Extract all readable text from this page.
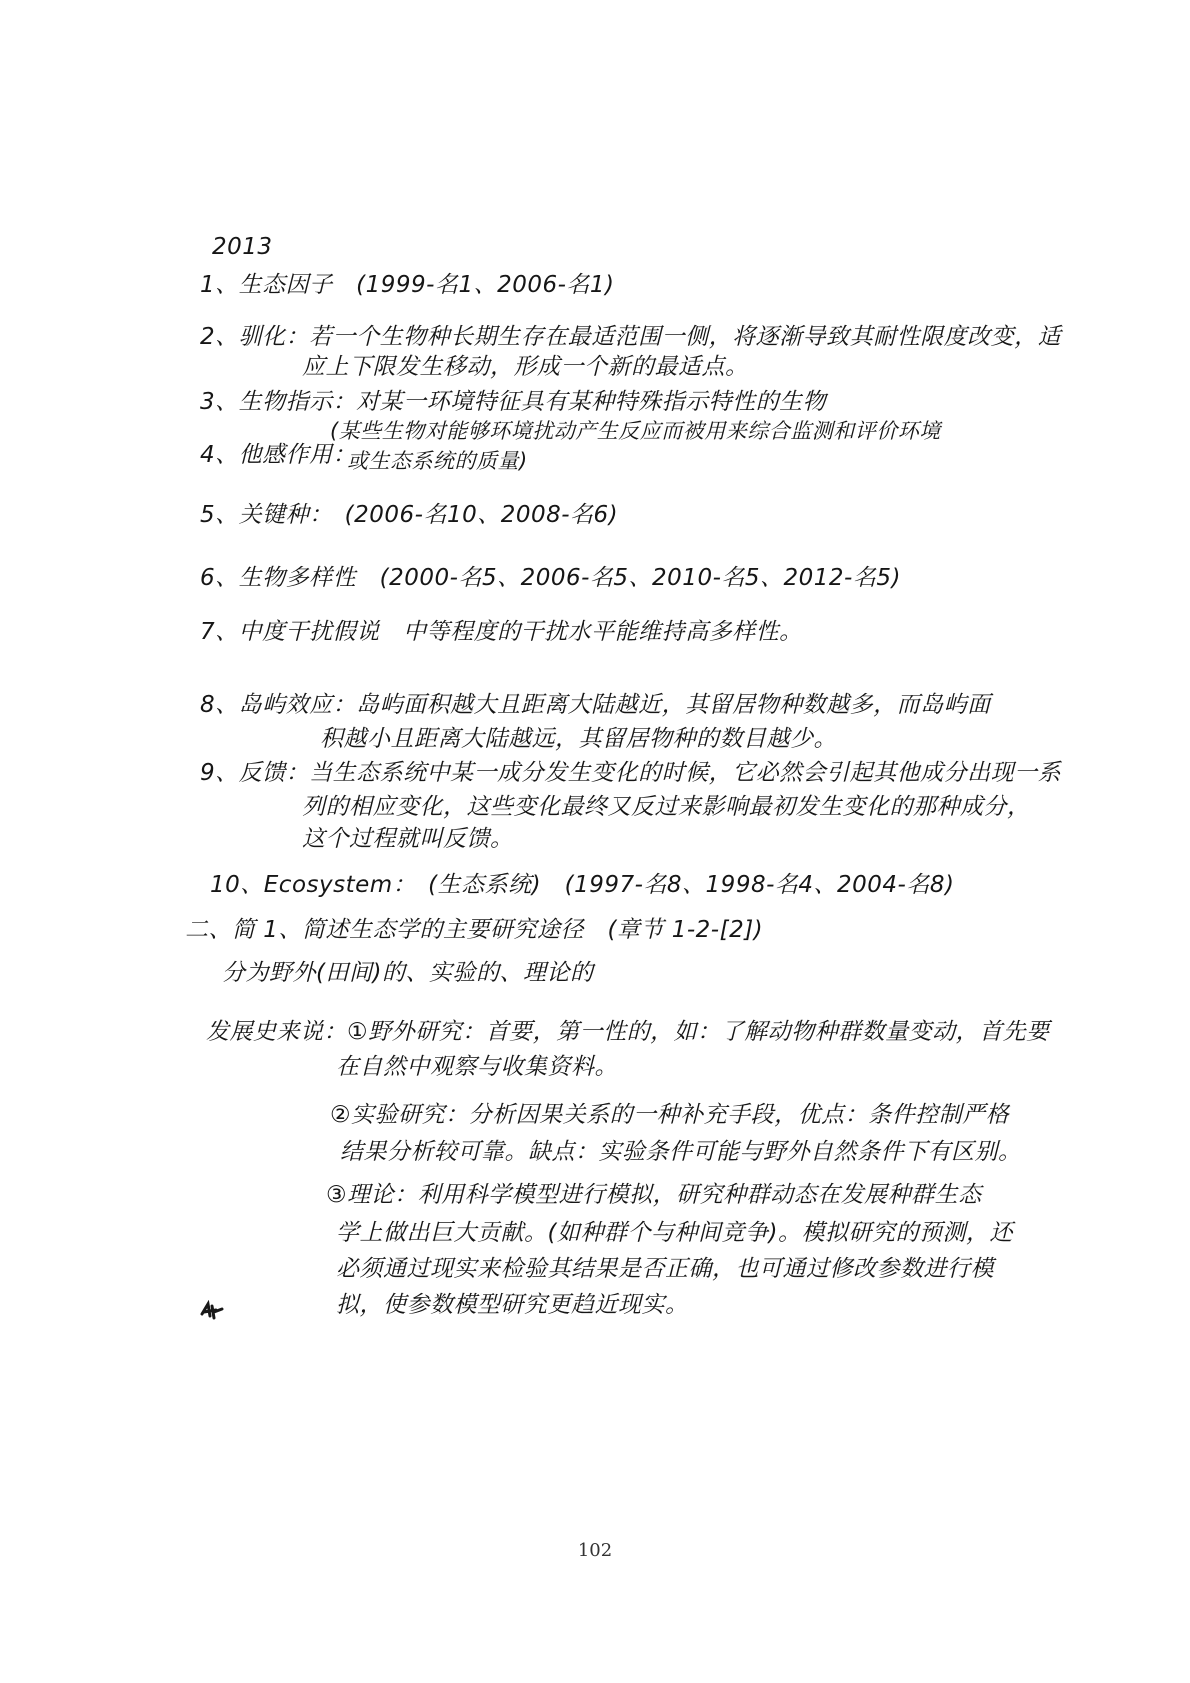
2013
1、生态因子　(1999-名1、2006-名1)
2、驯化：若一个生物种长期生存在最适范围一侧，将逐渐导致其耐性限度改变，适
应上下限发生移动，形成一个新的最适点。
3、生物指示：对某一环境特征具有某种特殊指示特性的生物
(某些生物对能够环境扰动产生反应而被用来综合监测和评价环境
4、他感作用：
或生态系统的质量)
5、关键种：　(2006-名10、2008-名6)
6、生物多样性　(2000-名5、2006-名5、2010-名5、2012-名5)
7、中度干扰假说　中等程度的干扰水平能维持高多样性。
8、岛屿效应：岛屿面积越大且距离大陆越近，其留居物种数越多，而岛屿面
积越小且距离大陆越远，其留居物种的数目越少。
9、反馈：当生态系统中某一成分发生变化的时候，它必然会引起其他成分出现一系
列的相应变化，这些变化最终又反过来影响最初发生变化的那种成分，
这个过程就叫反馈。
10、Ecosystem：　(生态系统)　(1997-名8、1998-名4、2004-名8)
二、简 1、简述生态学的主要研究途径　(章节 1-2-[2])
分为野外(田间)的、实验的、理论的
发展史来说：①野外研究：首要，第一性的，如：了解动物种群数量变动，首先要
在自然中观察与收集资料。
②实验研究：分析因果关系的一种补充手段，优点：条件控制严格
结果分析较可靠。缺点：实验条件可能与野外自然条件下有区别。
③理论：利用科学模型进行模拟，研究种群动态在发展种群生态
学上做出巨大贡献。(如种群个与种间竞争)。模拟研究的预测，还
必须通过现实来检验其结果是否正确，也可通过修改参数进行模
拟，使参数模型研究更趋近现实。
102
